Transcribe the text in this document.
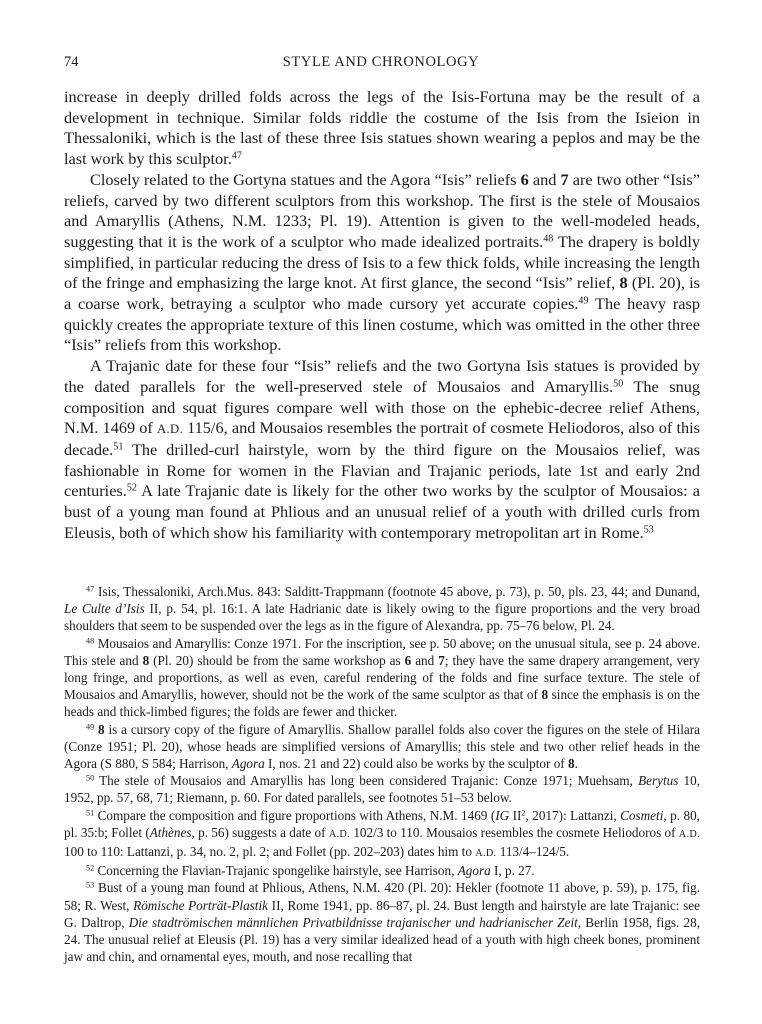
74	STYLE AND CHRONOLOGY

increase in deeply drilled folds across the legs of the Isis-Fortuna may be the result of a development in technique. Similar folds riddle the costume of the Isis from the Isieion in Thessaloniki, which is the last of these three Isis statues shown wearing a peplos and may be the last work by this sculptor.$^{47}$

Closely related to the Gortyna statues and the Agora “Isis” reliefs 6 and 7 are two other “Isis” reliefs, carved by two different sculptors from this workshop. The first is the stele of Mousaios and Amaryllis (Athens, N.M. 1233; Pl. 19). Attention is given to the well-modeled heads, suggesting that it is the work of a sculptor who made idealized portraits.$^{48}$ The drapery is boldly simplified, in particular reducing the dress of Isis to a few thick folds, while increasing the length of the fringe and emphasizing the large knot. At first glance, the second “Isis” relief, 8 (Pl. 20), is a coarse work, betraying a sculptor who made cursory yet accurate copies.$^{49}$ The heavy rasp quickly creates the appropriate texture of this linen costume, which was omitted in the other three “Isis” reliefs from this workshop.

A Trajanic date for these four “Isis” reliefs and the two Gortyna Isis statues is provided by the dated parallels for the well-preserved stele of Mousaios and Amaryllis.$^{50}$ The snug composition and squat figures compare well with those on the ephebic-decree relief Athens, N.M. 1469 of A.D. 115/6, and Mousaios resembles the portrait of cosmete Heliodoros, also of this decade.$^{51}$ The drilled-curl hairstyle, worn by the third figure on the Mousaios relief, was fashionable in Rome for women in the Flavian and Trajanic periods, late 1st and early 2nd centuries.$^{52}$ A late Trajanic date is likely for the other two works by the sculptor of Mousaios: a bust of a young man found at Phlious and an unusual relief of a youth with drilled curls from Eleusis, both of which show his familiarity with contemporary metropolitan art in Rome.$^{53}$

$^{47}$ Isis, Thessaloniki, Arch.Mus. 843: Salditt-Trappmann (footnote 45 above, p. 73), p. 50, pls. 23, 44; and Dunand, Le Culte d’Isis II, p. 54, pl. 16:1. A late Hadrianic date is likely owing to the figure proportions and the very broad shoulders that seem to be suspended over the legs as in the figure of Alexandra, pp. 75–76 below, Pl. 24.

$^{48}$ Mousaios and Amaryllis: Conze 1971. For the inscription, see p. 50 above; on the unusual situla, see p. 24 above. This stele and 8 (Pl. 20) should be from the same workshop as 6 and 7; they have the same drapery arrangement, very long fringe, and proportions, as well as even, careful rendering of the folds and fine surface texture. The stele of Mousaios and Amaryllis, however, should not be the work of the same sculptor as that of 8 since the emphasis is on the heads and thick-limbed figures; the folds are fewer and thicker.

$^{49}$ 8 is a cursory copy of the figure of Amaryllis. Shallow parallel folds also cover the figures on the stele of Hilara (Conze 1951; Pl. 20), whose heads are simplified versions of Amaryllis; this stele and two other relief heads in the Agora (S 880, S 584; Harrison, Agora I, nos. 21 and 22) could also be works by the sculptor of 8.

$^{50}$ The stele of Mousaios and Amaryllis has long been considered Trajanic: Conze 1971; Muehsam, Berytus 10, 1952, pp. 57, 68, 71; Riemann, p. 60. For dated parallels, see footnotes 51–53 below.

$^{51}$ Compare the composition and figure proportions with Athens, N.M. 1469 (IG $II^2$, 2017): Lattanzi, Cosmeti, p. 80, pl. 35:b; Follet (Athènes, p. 56) suggests a date of A.D. 102/3 to 110. Mousaios resembles the cosmete Heliodoros of A.D. 100 to 110: Lattanzi, p. 34, no. 2, pl. 2; and Follet (pp. 202–203) dates him to A.D. 113/4–124/5.

$^{52}$ Concerning the Flavian-Trajanic spongelike hairstyle, see Harrison, Agora I, p. 27.

$^{53}$ Bust of a young man found at Phlious, Athens, N.M. 420 (Pl. 20): Hekler (footnote 11 above, p. 59), p. 175, fig. 58; R. West, Römische Porträt-Plastik II, Rome 1941, pp. 86–87, pl. 24. Bust length and hairstyle are late Trajanic: see G. Daltrop, Die stadtrömischen männlichen Privatbildnisse trajanischer und hadrianischer Zeit, Berlin 1958, figs. 28, 24. The unusual relief at Eleusis (Pl. 19) has a very similar idealized head of a youth with high cheek bones, prominent jaw and chin, and ornamental eyes, mouth, and nose recalling that
